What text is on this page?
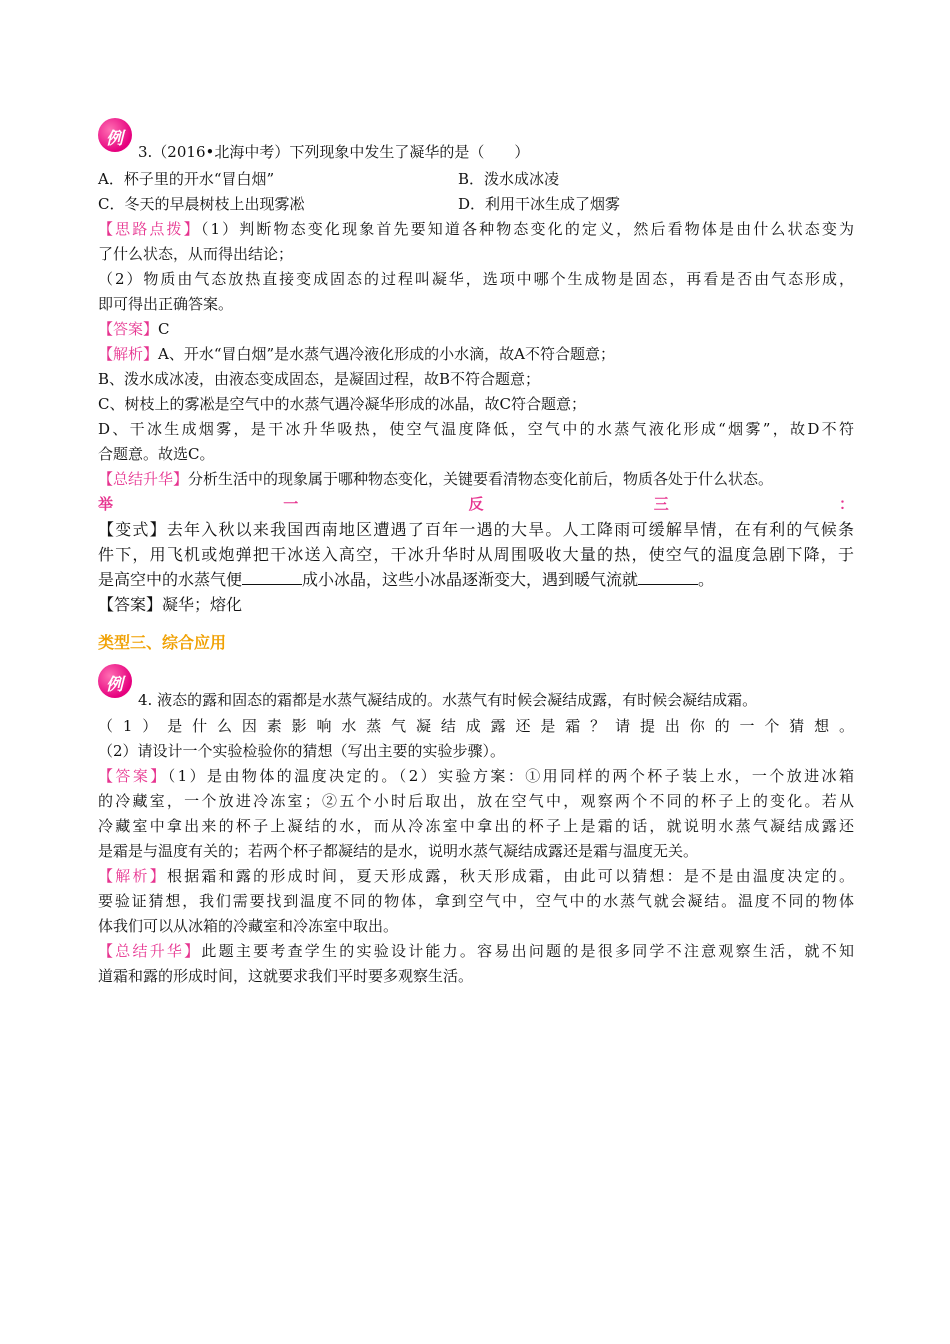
例
3.（2016•北海中考）下列现象中发生了凝华的是（　　）
A．杯子里的开水“冒白烟”	B．泼水成冰凌
C．冬天的早晨树枝上出现雾凇	D．利用干冰生成了烟雾
【思路点拨】（1）判断物态变化现象首先要知道各种物态变化的定义，然后看物体是由什么状态变为
了什么状态，从而得出结论；
（2）物质由气态放热直接变成固态的过程叫凝华，选项中哪个生成物是固态，再看是否由气态形成，
即可得出正确答案。
【答案】C
【解析】A、开水“冒白烟”是水蒸气遇冷液化形成的小水滴，故A不符合题意；
B、泼水成冰凌，由液态变成固态，是凝固过程，故B不符合题意；
C、树枝上的雾凇是空气中的水蒸气遇冷凝华形成的冰晶，故C符合题意；
D、干冰生成烟雾，是干冰升华吸热，使空气温度降低，空气中的水蒸气液化形成“烟雾”，故D不符
合题意。故选C。
【总结升华】分析生活中的现象属于哪种物态变化，关键要看清物态变化前后，物质各处于什么状态。
举	一	反	三	：
【变式】去年入秋以来我国西南地区遭遇了百年一遇的大旱。人工降雨可缓解旱情，在有利的气候条
件下，用飞机或炮弹把干冰送入高空，干冰升华时从周围吸收大量的热，使空气的温度急剧下降，于
是高空中的水蒸气便	成小冰晶，这些小冰晶逐渐变大，遇到暖气流就	。
【答案】凝华；熔化
类型三、综合应用
例
4. 液态的露和固态的霜都是水蒸气凝结成的。水蒸气有时候会凝结成露，有时候会凝结成霜。
（1）是什么因素影响水蒸气凝结成露还是霜？请提出你的一个猜想。
（2）请设计一个实验检验你的猜想（写出主要的实验步骤）。
【答案】（1）是由物体的温度决定的。（2）实验方案：①用同样的两个杯子装上水，一个放进冰箱
的冷藏室，一个放进冷冻室；②五个小时后取出，放在空气中，观察两个不同的杯子上的变化。若从
冷藏室中拿出来的杯子上凝结的水，而从冷冻室中拿出的杯子上是霜的话，就说明水蒸气凝结成露还
是霜是与温度有关的；若两个杯子都凝结的是水，说明水蒸气凝结成露还是霜与温度无关。
【解析】根据霜和露的形成时间，夏天形成露，秋天形成霜，由此可以猜想：是不是由温度决定的。
要验证猜想，我们需要找到温度不同的物体，拿到空气中，空气中的水蒸气就会凝结。温度不同的物体
体我们可以从冰箱的冷藏室和冷冻室中取出。
【总结升华】此题主要考查学生的实验设计能力。容易出问题的是很多同学不注意观察生活，就不知
道霜和露的形成时间，这就要求我们平时要多观察生活。
